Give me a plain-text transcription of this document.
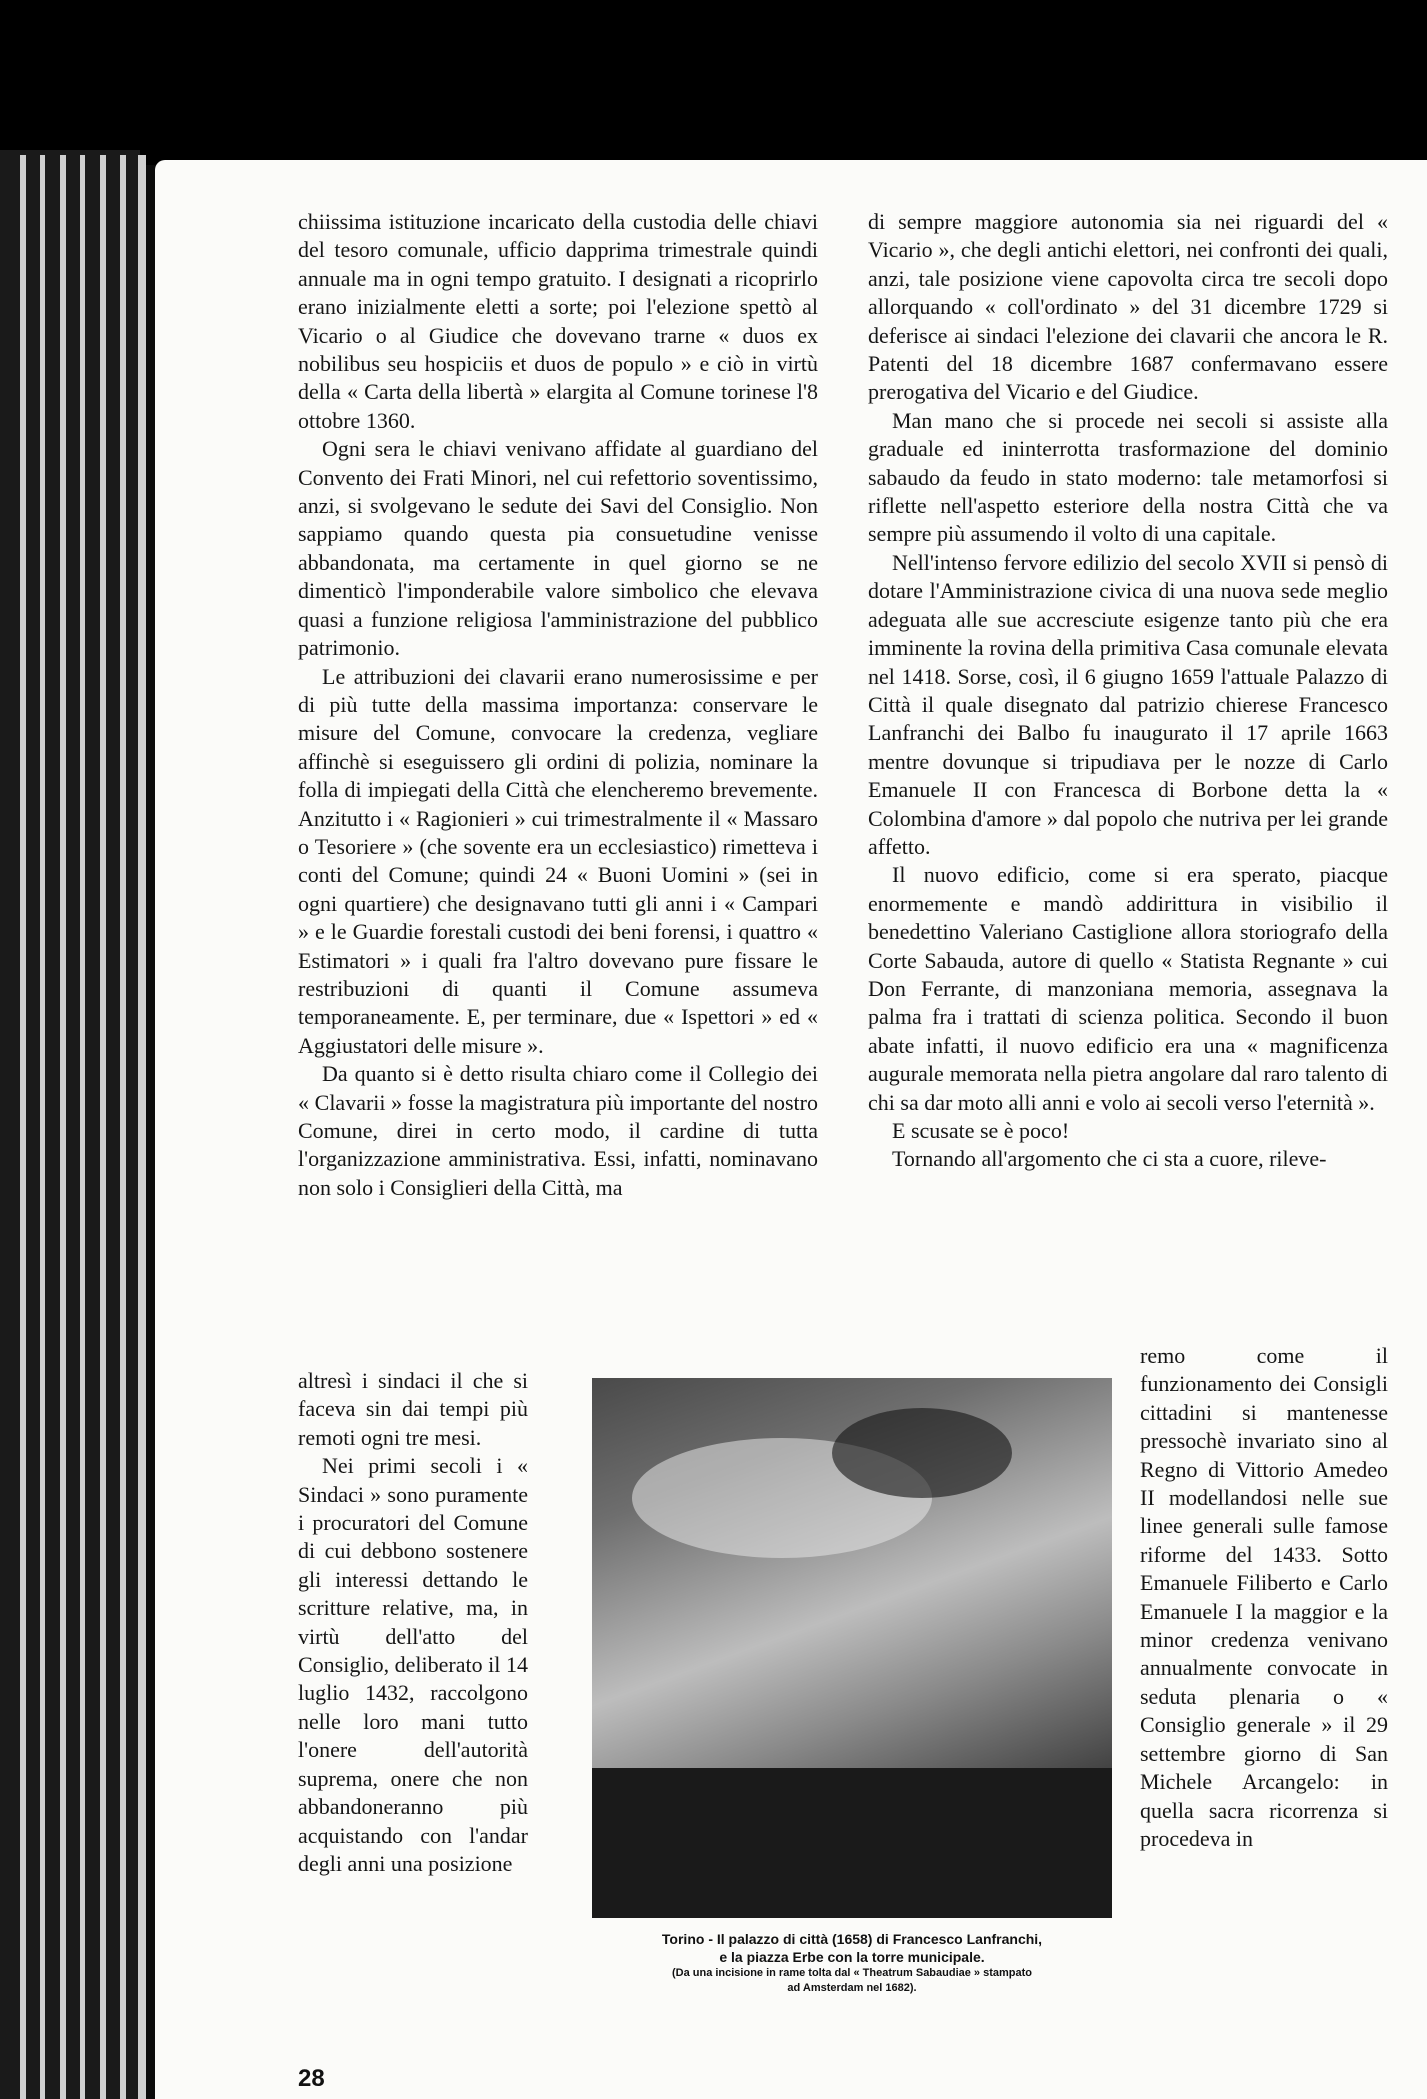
chiissima istituzione incaricato della custodia delle chiavi del tesoro comunale, ufficio dapprima trimestrale quindi annuale ma in ogni tempo gratuito. I designati a ricoprirlo erano inizialmente eletti a sorte; poi l'elezione spettò al Vicario o al Giudice che dovevano trarne « duos ex nobilibus seu hospiciis et duos de populo » e ciò in virtù della « Carta della libertà » elargita al Comune torinese l'8 ottobre 1360.

Ogni sera le chiavi venivano affidate al guardiano del Convento dei Frati Minori, nel cui refettorio soventissimo, anzi, si svolgevano le sedute dei Savi del Consiglio. Non sappiamo quando questa pia consuetudine venisse abbandonata, ma certamente in quel giorno se ne dimenticò l'imponderabile valore simbolico che elevava quasi a funzione religiosa l'amministrazione del pubblico patrimonio.

Le attribuzioni dei clavarii erano numerosissime e per di più tutte della massima importanza: conservare le misure del Comune, convocare la credenza, vegliare affinchè si eseguissero gli ordini di polizia, nominare la folla di impiegati della Città che elencheremo brevemente. Anzitutto i « Ragionieri » cui trimestralmente il « Massaro o Tesoriere » (che sovente era un ecclesiastico) rimetteva i conti del Comune; quindi 24 « Buoni Uomini » (sei in ogni quartiere) che designavano tutti gli anni i « Campari » e le Guardie forestali custodi dei beni forensi, i quattro « Estimatori » i quali fra l'altro dovevano pure fissare le restribuzioni di quanti il Comune assumeva temporaneamente. E, per terminare, due « Ispettori » ed « Aggiustatori delle misure ».

Da quanto si è detto risulta chiaro come il Collegio dei « Clavarii » fosse la magistratura più importante del nostro Comune, direi in certo modo, il cardine di tutta l'organizzazione amministrativa. Essi, infatti, nominavano non solo i Consiglieri della Città, ma

altresì i sindaci il che si faceva sin dai tempi più remoti ogni tre mesi.

Nei primi secoli i « Sindaci » sono puramente i procuratori del Comune di cui debbono sostenere gli interessi dettando le scritture relative, ma, in virtù dell'atto del Consiglio, deliberato il 14 luglio 1432, raccolgono nelle loro mani tutto l'onere dell'autorità suprema, onere che non abbandoneranno più acquistando con l'andar degli anni una posizione

di sempre maggiore autonomia sia nei riguardi del « Vicario », che degli antichi elettori, nei confronti dei quali, anzi, tale posizione viene capovolta circa tre secoli dopo allorquando « coll'ordinato » del 31 dicembre 1729 si deferisce ai sindaci l'elezione dei clavarii che ancora le R. Patenti del 18 dicembre 1687 confermavano essere prerogativa del Vicario e del Giudice.

Man mano che si procede nei secoli si assiste alla graduale ed ininterrotta trasformazione del dominio sabaudo da feudo in stato moderno: tale metamorfosi si riflette nell'aspetto esteriore della nostra Città che va sempre più assumendo il volto di una capitale.

Nell'intenso fervore edilizio del secolo XVII si pensò di dotare l'Amministrazione civica di una nuova sede meglio adeguata alle sue accresciute esigenze tanto più che era imminente la rovina della primitiva Casa comunale elevata nel 1418. Sorse, così, il 6 giugno 1659 l'attuale Palazzo di Città il quale disegnato dal patrizio chierese Francesco Lanfranchi dei Balbo fu inaugurato il 17 aprile 1663 mentre dovunque si tripudiava per le nozze di Carlo Emanuele II con Francesca di Borbone detta la « Colombina d'amore » dal popolo che nutriva per lei grande affetto.

Il nuovo edificio, come si era sperato, piacque enormemente e mandò addirittura in visibilio il benedettino Valeriano Castiglione allora storiografo della Corte Sabauda, autore di quello « Statista Regnante » cui Don Ferrante, di manzoniana memoria, assegnava la palma fra i trattati di scienza politica. Secondo il buon abate infatti, il nuovo edificio era una « magnificenza augurale memorata nella pietra angolare dal raro talento di chi sa dar moto alli anni e volo ai secoli verso l'eternità ».

E scusate se è poco!

Tornando all'argomento che ci sta a cuore, rileve-

remo come il funzionamento dei Consigli cittadini si mantenesse pressochè invariato sino al Regno di Vittorio Amedeo II modellandosi nelle sue linee generali sulle famose riforme del 1433. Sotto Emanuele Filiberto e Carlo Emanuele I la maggior e la minor credenza venivano annualmente convocate in seduta plenaria o « Consiglio generale » il 29 settembre giorno di San Michele Arcangelo: in quella sacra ricorrenza si procedeva in

Torino - Il palazzo di città (1658) di Francesco Lanfranchi,
e la piazza Erbe con la torre municipale.
(Da una incisione in rame tolta dal « Theatrum Sabaudiae » stampato
ad Amsterdam nel 1682).
28
